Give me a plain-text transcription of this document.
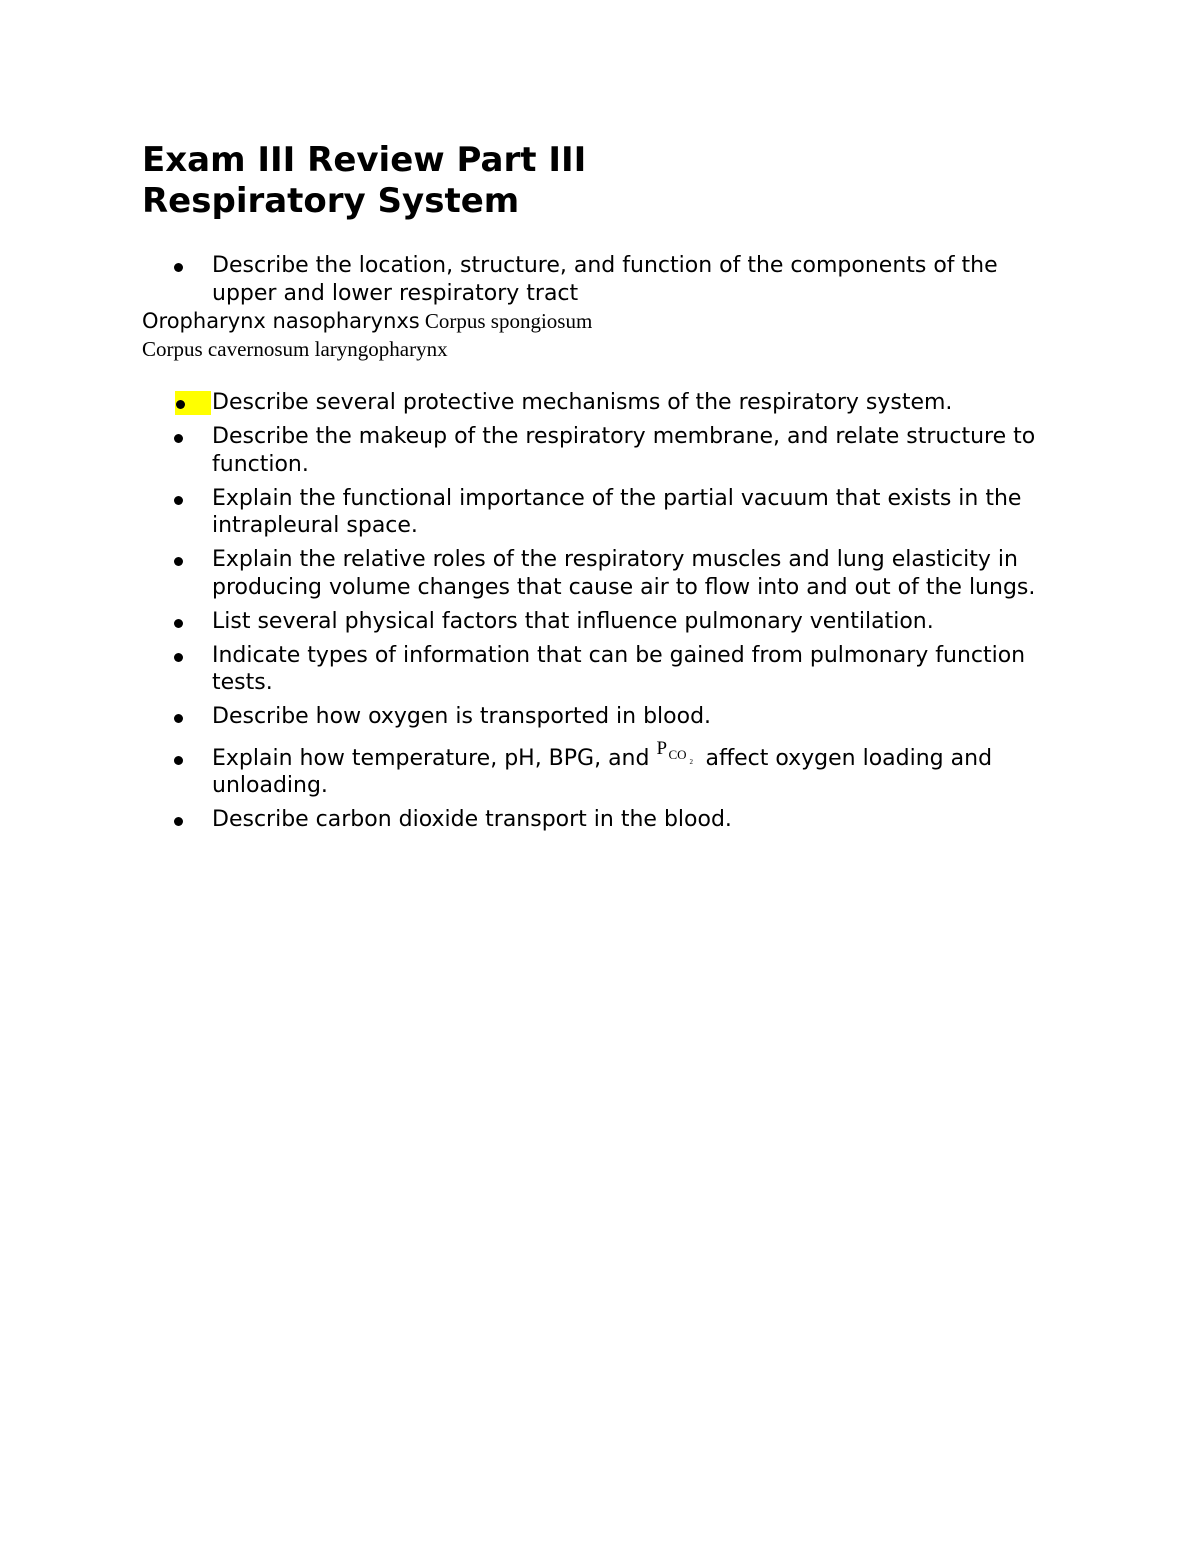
Exam III Review Part III
Respiratory System
Describe the location, structure, and function of the components of the upper and lower respiratory tract
Oropharynx nasopharynxs Corpus spongiosum
Corpus cavernosum laryngopharynx
Describe several protective mechanisms of the respiratory system.
Describe the makeup of the respiratory membrane, and relate structure to function.
Explain the functional importance of the partial vacuum that exists in the intrapleural space.
Explain the relative roles of the respiratory muscles and lung elasticity in producing volume changes that cause air to flow into and out of the lungs.
List several physical factors that influence pulmonary ventilation.
Indicate types of information that can be gained from pulmonary function tests.
Describe how oxygen is transported in blood.
Explain how temperature, pH, BPG, and P CO 2 affect oxygen loading and unloading.
Describe carbon dioxide transport in the blood.
